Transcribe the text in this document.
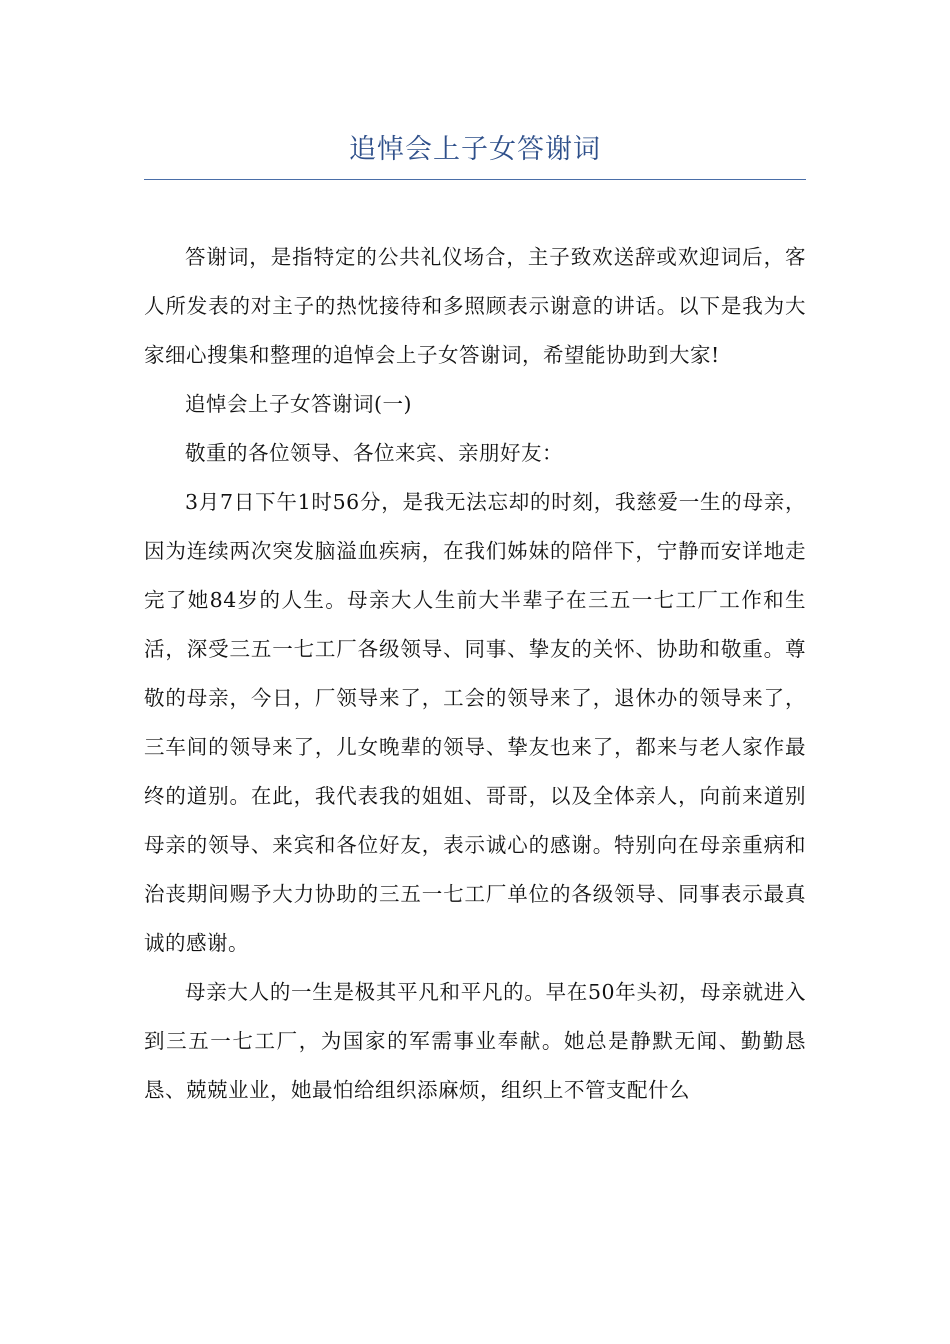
追悼会上子女答谢词

答谢词，是指特定的公共礼仪场合，主子致欢送辞或欢迎词后，客人所发表的对主子的热忱接待和多照顾表示谢意的讲话。以下是我为大家细心搜集和整理的追悼会上子女答谢词，希望能协助到大家!

追悼会上子女答谢词(一)

敬重的各位领导、各位来宾、亲朋好友：

3月7日下午1时56分，是我无法忘却的时刻，我慈爱一生的母亲，因为连续两次突发脑溢血疾病，在我们姊妹的陪伴下，宁静而安详地走完了她84岁的人生。母亲大人生前大半辈子在三五一七工厂工作和生活，深受三五一七工厂各级领导、同事、挚友的关怀、协助和敬重。尊敬的母亲，今日，厂领导来了，工会的领导来了，退休办的领导来了，三车间的领导来了，儿女晚辈的领导、挚友也来了，都来与老人家作最终的道别。在此，我代表我的姐姐、哥哥，以及全体亲人，向前来道别母亲的领导、来宾和各位好友，表示诚心的感谢。特别向在母亲重病和治丧期间赐予大力协助的三五一七工厂单位的各级领导、同事表示最真诚的感谢。

母亲大人的一生是极其平凡和平凡的。早在50年头初，母亲就进入到三五一七工厂，为国家的军需事业奉献。她总是静默无闻、勤勤恳恳、兢兢业业，她最怕给组织添麻烦，组织上不管支配什么
